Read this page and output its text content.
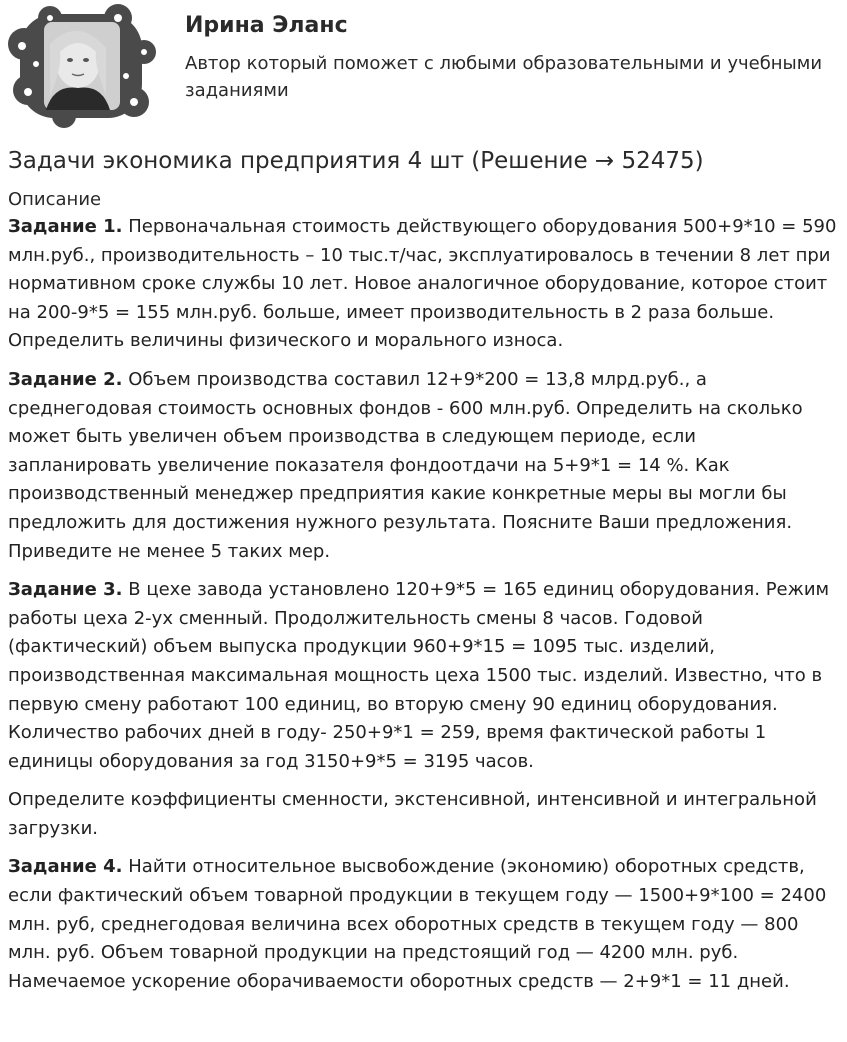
Ирина Эланс
Автор который поможет с любыми образовательными и учебными заданиями
Задачи экономика предприятия 4 шт (Решение → 52475)
Описание

Задание 1. Первоначальная стоимость действующего оборудования 500+9*10 = 590 млн.руб., производительность – 10 тыс.т/час, эксплуатировалось в течении 8 лет при нормативном сроке службы 10 лет. Новое аналогичное оборудование, которое стоит на 200-9*5 = 155 млн.руб. больше, имеет производительность в 2 раза больше. Определить величины физического и морального износа.

Задание 2. Объем производства составил 12+9*200 = 13,8 млрд.руб., а среднегодовая стоимость основных фондов - 600 млн.руб. Определить на сколько может быть увеличен объем производства в следующем периоде, если запланировать увеличение показателя фондоотдачи на 5+9*1 = 14 %. Как производственный менеджер предприятия какие конкретные меры вы могли бы предложить для достижения нужного результата. Поясните Ваши предложения. Приведите не менее 5 таких мер.

Задание 3. В цехе завода установлено 120+9*5 = 165 единиц оборудования. Режим работы цеха 2-ух сменный. Продолжительность смены 8 часов. Годовой (фактический) объем выпуска продукции 960+9*15 = 1095 тыс. изделий, производственная максимальная мощность цеха 1500 тыс. изделий. Известно, что в первую смену работают 100 единиц, во вторую смену 90 единиц оборудования. Количество рабочих дней в году- 250+9*1 = 259, время фактической работы 1 единицы оборудования за год 3150+9*5 = 3195 часов.

Определите коэффициенты сменности, экстенсивной, интенсивной и интегральной загрузки.

Задание 4. Найти относительное высвобождение (экономию) оборотных средств, если фактический объем товарной продукции в текущем году — 1500+9*100 = 2400 млн. руб, среднегодовая величина всех оборотных средств в текущем году — 800 млн. руб. Объем товарной продукции на предстоящий год — 4200 млн. руб. Намечаемое ускорение оборачиваемости оборотных средств — 2+9*1 = 11 дней.
